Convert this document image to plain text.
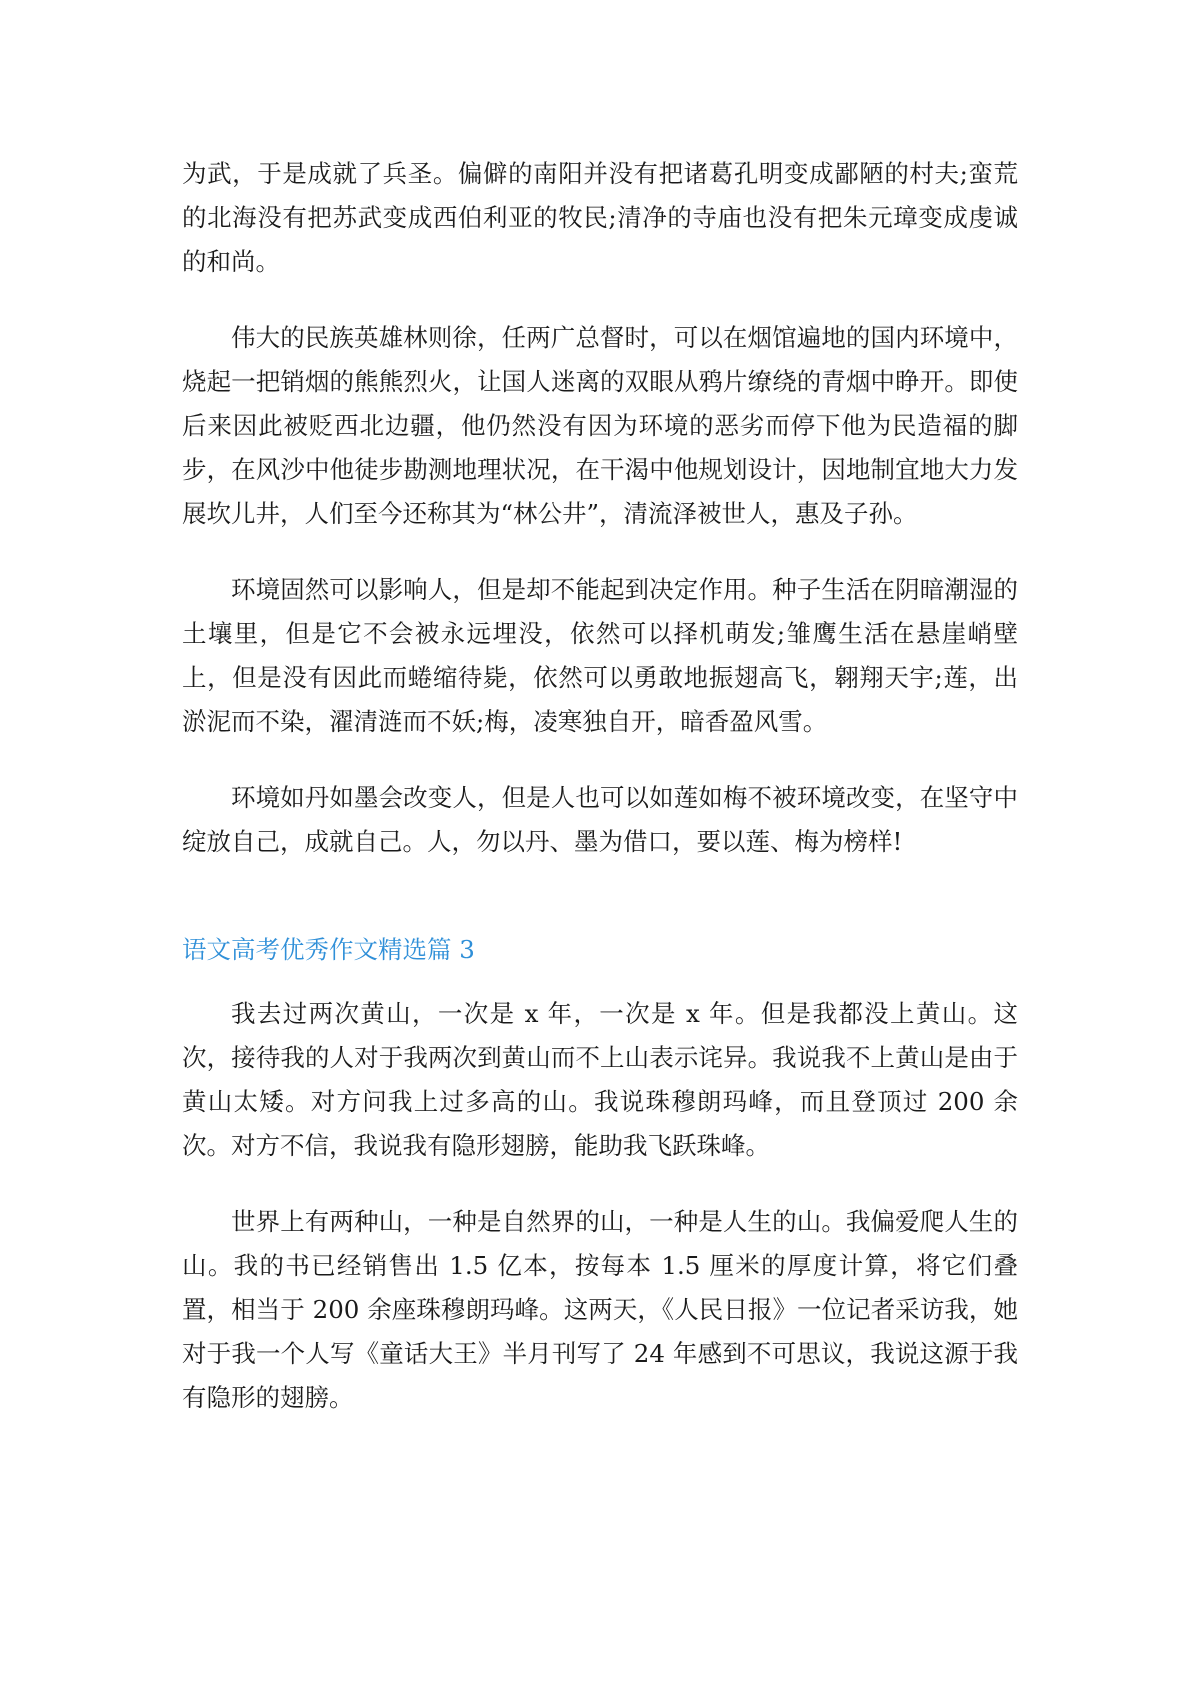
为武，于是成就了兵圣。偏僻的南阳并没有把诸葛孔明变成鄙陋的村夫;蛮荒的北海没有把苏武变成西伯利亚的牧民;清净的寺庙也没有把朱元璋变成虔诚的和尚。

伟大的民族英雄林则徐，任两广总督时，可以在烟馆遍地的国内环境中，烧起一把销烟的熊熊烈火，让国人迷离的双眼从鸦片缭绕的青烟中睁开。即使后来因此被贬西北边疆，他仍然没有因为环境的恶劣而停下他为民造福的脚步，在风沙中他徒步勘测地理状况，在干渴中他规划设计，因地制宜地大力发展坎儿井，人们至今还称其为“林公井”，清流泽被世人，惠及子孙。

环境固然可以影响人，但是却不能起到决定作用。种子生活在阴暗潮湿的土壤里，但是它不会被永远埋没，依然可以择机萌发;雏鹰生活在悬崖峭壁上，但是没有因此而蜷缩待毙，依然可以勇敢地振翅高飞，翱翔天宇;莲，出淤泥而不染，濯清涟而不妖;梅，凌寒独自开，暗香盈风雪。

环境如丹如墨会改变人，但是人也可以如莲如梅不被环境改变，在坚守中绽放自己，成就自己。人，勿以丹、墨为借口，要以莲、梅为榜样!

语文高考优秀作文精选篇 3

我去过两次黄山，一次是 x 年，一次是 x 年。但是我都没上黄山。这次，接待我的人对于我两次到黄山而不上山表示诧异。我说我不上黄山是由于黄山太矮。对方问我上过多高的山。我说珠穆朗玛峰，而且登顶过 200 余次。对方不信，我说我有隐形翅膀，能助我飞跃珠峰。

世界上有两种山，一种是自然界的山，一种是人生的山。我偏爱爬人生的山。我的书已经销售出 1.5 亿本，按每本 1.5 厘米的厚度计算，将它们叠置，相当于 200 余座珠穆朗玛峰。这两天，《人民日报》一位记者采访我，她对于我一个人写《童话大王》半月刊写了 24 年感到不可思议，我说这源于我有隐形的翅膀。
